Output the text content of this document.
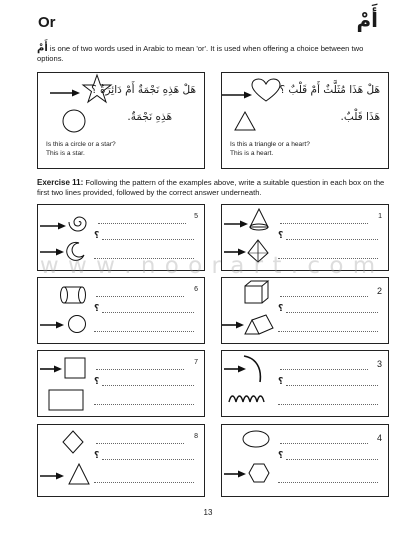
Or	أَمْ
أَمْ is one of two words used in Arabic to mean 'or'. It is used when offering a choice between two options.
هَلْ هَذِهِ نَجْمَةٌ أَمْ دَائِرَةٌ ؟
هَذِهِ نَجْمَةٌ.
Is this a circle or a star?
This is a star.
هَلْ هَذَا مُثَلَّثٌ أَمْ قَلْبٌ ؟
هَذَا قَلْبٌ.
Is this a triangle or a heart?
This is a heart.
Exercise 11: Following the pattern of the examples above, write a suitable question in each box on the first two lines provided, followed by the correct answer underneath.
5
؟
1
؟
6
؟
2
؟
7
؟
3
؟
8
؟
4
؟
w w w . n o o r a r t . c o m
13
